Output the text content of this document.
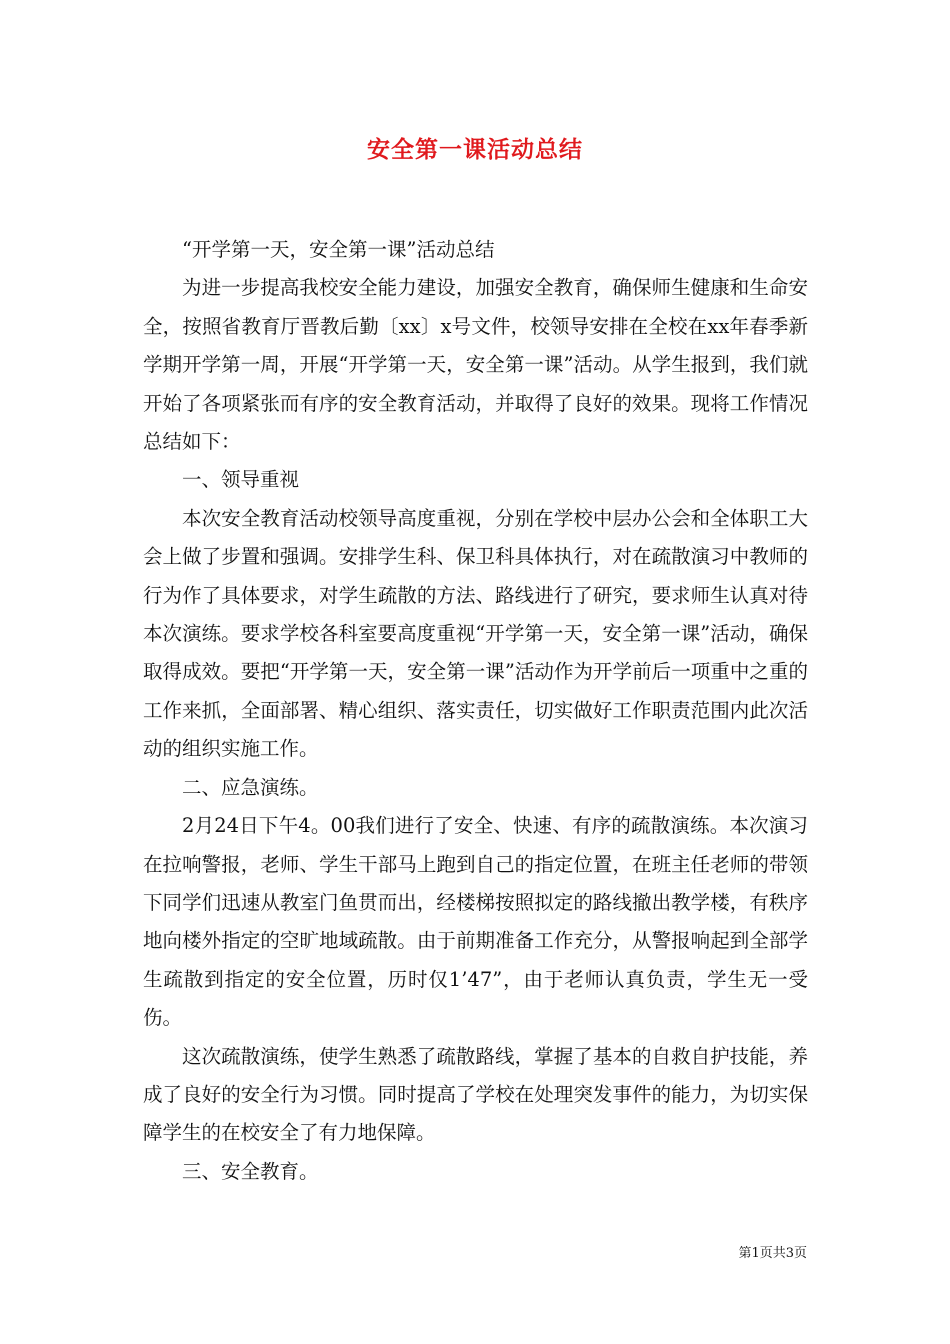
安全第一课活动总结

“开学第一天，安全第一课”活动总结

为进一步提高我校安全能力建设，加强安全教育，确保师生健康和生命安全，按照省教育厅晋教后勤〔xx〕x号文件，校领导安排在全校在xx年春季新学期开学第一周，开展“开学第一天，安全第一课”活动。从学生报到，我们就开始了各项紧张而有序的安全教育活动，并取得了良好的效果。现将工作情况总结如下：

一、领导重视

本次安全教育活动校领导高度重视，分别在学校中层办公会和全体职工大会上做了步置和强调。安排学生科、保卫科具体执行，对在疏散演习中教师的行为作了具体要求，对学生疏散的方法、路线进行了研究，要求师生认真对待本次演练。要求学校各科室要高度重视“开学第一天，安全第一课”活动，确保取得成效。要把“开学第一天，安全第一课”活动作为开学前后一项重中之重的工作来抓，全面部署、精心组织、落实责任，切实做好工作职责范围内此次活动的组织实施工作。

二、应急演练。

2月24日下午4。00我们进行了安全、快速、有序的疏散演练。本次演习在拉响警报，老师、学生干部马上跑到自己的指定位置，在班主任老师的带领下同学们迅速从教室门鱼贯而出，经楼梯按照拟定的路线撤出教学楼，有秩序地向楼外指定的空旷地域疏散。由于前期准备工作充分，从警报响起到全部学生疏散到指定的安全位置，历时仅1’47”，由于老师认真负责，学生无一受伤。

这次疏散演练，使学生熟悉了疏散路线，掌握了基本的自救自护技能，养成了良好的安全行为习惯。同时提高了学校在处理突发事件的能力，为切实保障学生的在校安全了有力地保障。

三、安全教育。

第1页共3页
